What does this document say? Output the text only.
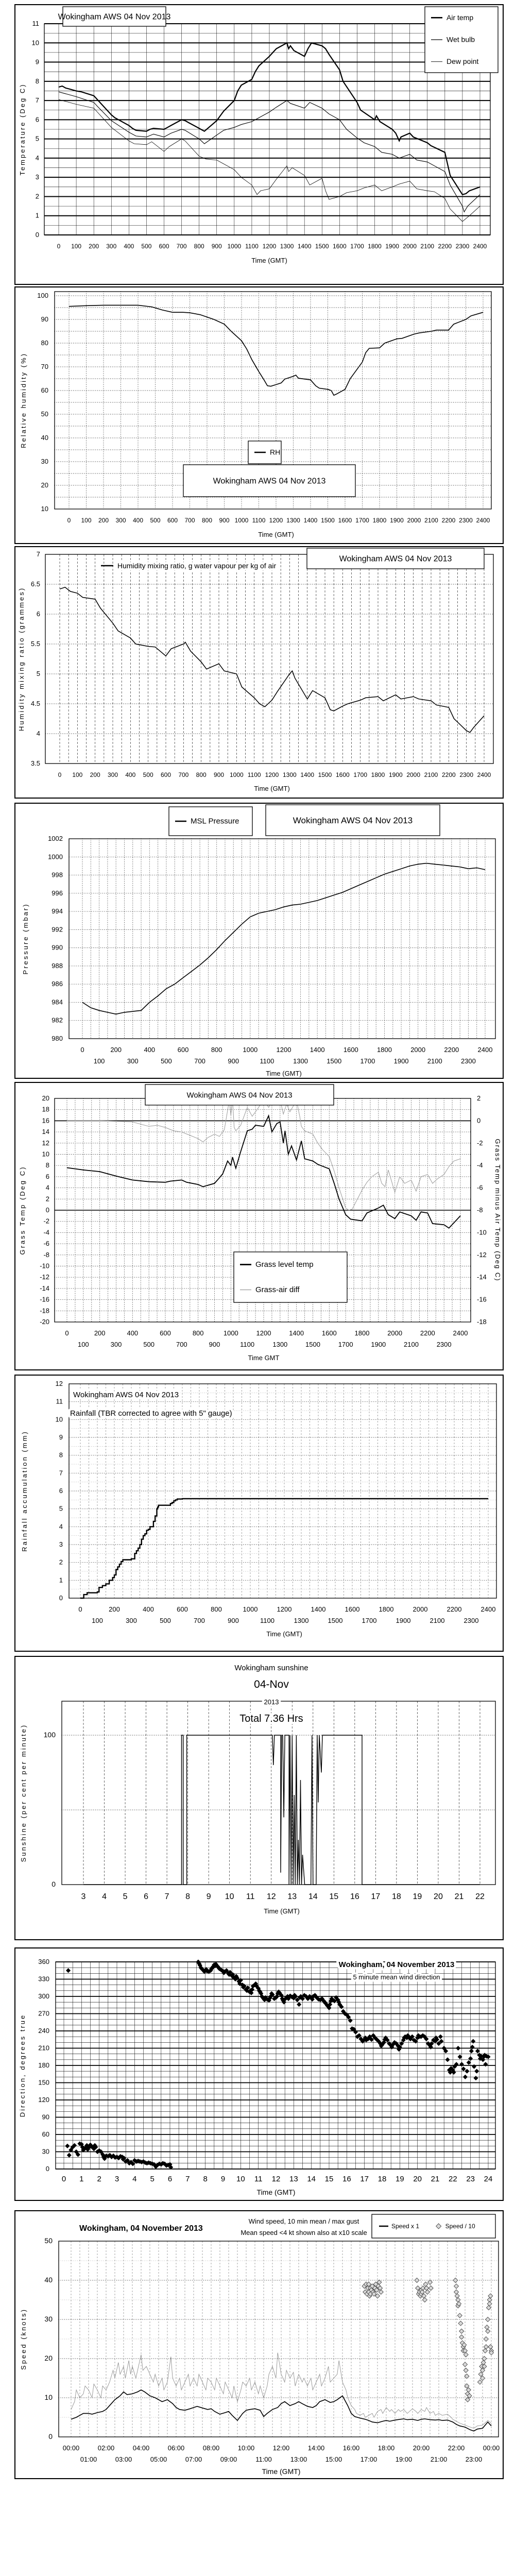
Wokingham AWS 04 Nov 2013	Air temp
Wet bulb
Dew point
0
1
2
3
4
5
6
7
8
9
10
11
0 100 200 300 400 500 600 700 800 900 1000 1100 1200 1300 1400 1500 1600 1700 1800 1900 2000 2100 2200 2300 2400
Time (GMT)
Temperature (Deg C)
Wokingham AWS 04 Nov 2013
RH
10
20
30
40
50
60
70
80
90
100
0 100 200 300 400 500 600 700 800 900 1000 1100 1200 1300 1400 1500 1600 1700 1800 1900 2000 2100 2200 2300 2400
Time (GMT)
Relative humidity (%)
Wokingham AWS 04 Nov 2013
Humidity mixing ratio, g water vapour per kg of air
3.5
4
4.5
5
5.5
6
6.5
7
0 100 200 300 400 500 600 700 800 900 1000 1100 1200 1300 1400 1500 1600 1700 1800 1900 2000 2100 2200 2300 2400
Time (GMT)
Humidity mixing ratio (grammes)
Wokingham AWS 04 Nov 2013
MSL Pressure
980
982
984
986
988
990
992
994
996
998
1000
1002
0
100
200
300
400
500
600
700
800
900
1000
1100
1200
1300
1400
1500
1600
1700
1800
1900
2000
2100
2200
2300
2400
Time (GMT)
Pressure (mbar)
Wokingham AWS 04 Nov 2013
Grass level temp
Grass-air diff
-20
-18
-16
-14
-12
-10
-8
-6
-4
-2
0
2
4
6
8
10
12
14
16
18
20
-18
-16
-14
-12
-10
-8
-6
-4
-2
0
2
0
100
200
300
400
500
600
700
800
900
1000
1100
1200
1300
1400
1500
1600
1700
1800
1900
2000
2100
2200
2300
2400
Time GMT
Grass Temp (Deg C)	Grass Temp minus Air Temp (Deg C)
Wokingham AWS 04 Nov 2013
Rainfall (TBR corrected to agree with 5" gauge)
0
1
2
3
4
5
6
7
8
9
10
11
12
0
100
200
300
400
500
600
700
800
900
1000
1100
1200
1300
1400
1500
1600
1700
1800
1900
2000
2100
2200
2300
2400
Time (GMT)
Rainfall accumulation (mm)
Wokingham sunshine
04-Nov
2013
Total 7.36 Hrs
0
100
3 4 5 6 7 8 9 10 11 12 13 14 15 16 17 18 19 20 21 22
Time (GMT)
Sunshine (per cent per minute)
Wokingham, 04 November 2013
5 minute mean wind direction
0
30
60
90
120
150
180
210
240
270
300
330
360
0 1 2 3 4 5 6 7 8 9 10 11 12 13 14 15 16 17 18 19 20 21 22 23 24
Time (GMT)
Direction, degrees true
Speed x 1	Speed / 10
Wokingham, 04 November 2013
Wind speed, 10 min mean / max gust
Mean speed <4 kt shown also at x10 scale
0
10
20
30
40
50
00:00
01:00
02:00
03:00
04:00
05:00
06:00
07:00
08:00
09:00
10:00
11:00
12:00
13:00
14:00
15:00
16:00
17:00
18:00
19:00
20:00
21:00
22:00
23:00
00:00
Time (GMT)
Speed (knots)
